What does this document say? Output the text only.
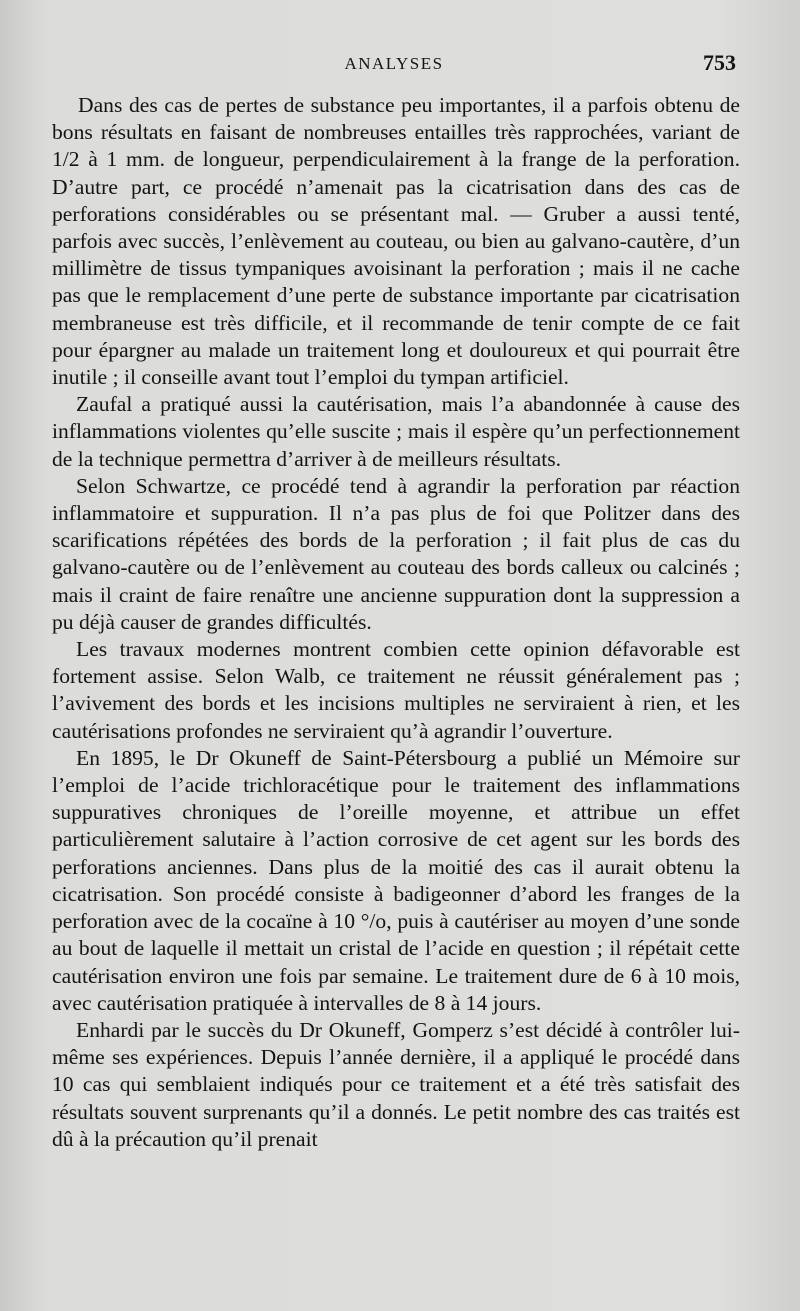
ANALYSES	753

Dans des cas de pertes de substance peu importantes, il a parfois obtenu de bons résultats en faisant de nombreuses entailles très rapprochées, variant de 1/2 à 1 mm. de longueur, perpendiculairement à la frange de la perforation. D’autre part, ce procédé n’amenait pas la cicatrisation dans des cas de perforations considérables ou se présentant mal. — Gruber a aussi tenté, parfois avec succès, l’enlèvement au couteau, ou bien au galvano-cautère, d’un millimètre de tissus tympaniques avoisinant la perforation ; mais il ne cache pas que le remplacement d’une perte de substance importante par cicatrisation membraneuse est très difficile, et il recommande de tenir compte de ce fait pour épargner au malade un traitement long et douloureux et qui pourrait être inutile ; il conseille avant tout l’emploi du tympan artificiel.

Zaufal a pratiqué aussi la cautérisation, mais l’a abandonnée à cause des inflammations violentes qu’elle suscite ; mais il espère qu’un perfectionnement de la technique permettra d’arriver à de meilleurs résultats.

Selon Schwartze, ce procédé tend à agrandir la perforation par réaction inflammatoire et suppuration. Il n’a pas plus de foi que Politzer dans des scarifications répétées des bords de la perforation ; il fait plus de cas du galvano-cautère ou de l’enlèvement au couteau des bords calleux ou calcinés ; mais il craint de faire renaître une ancienne suppuration dont la suppression a pu déjà causer de grandes difficultés.

Les travaux modernes montrent combien cette opinion défavorable est fortement assise. Selon Walb, ce traitement ne réussit généralement pas ; l’avivement des bords et les incisions multiples ne serviraient à rien, et les cautérisations profondes ne serviraient qu’à agrandir l’ouverture.

En 1895, le Dr Okuneff de Saint-Pétersbourg a publié un Mémoire sur l’emploi de l’acide trichloracétique pour le traitement des inflammations suppuratives chroniques de l’oreille moyenne, et attribue un effet particulièrement salutaire à l’action corrosive de cet agent sur les bords des perforations anciennes. Dans plus de la moitié des cas il aurait obtenu la cicatrisation. Son procédé consiste à badigeonner d’abord les franges de la perforation avec de la cocaïne à 10 °/o, puis à cautériser au moyen d’une sonde au bout de laquelle il mettait un cristal de l’acide en question ; il répétait cette cautérisation environ une fois par semaine. Le traitement dure de 6 à 10 mois, avec cautérisation pratiquée à intervalles de 8 à 14 jours.

Enhardi par le succès du Dr Okuneff, Gomperz s’est décidé à contrôler lui-même ses expériences. Depuis l’année dernière, il a appliqué le procédé dans 10 cas qui semblaient indiqués pour ce traitement et a été très satisfait des résultats souvent surprenants qu’il a donnés. Le petit nombre des cas traités est dû à la précaution qu’il prenait
